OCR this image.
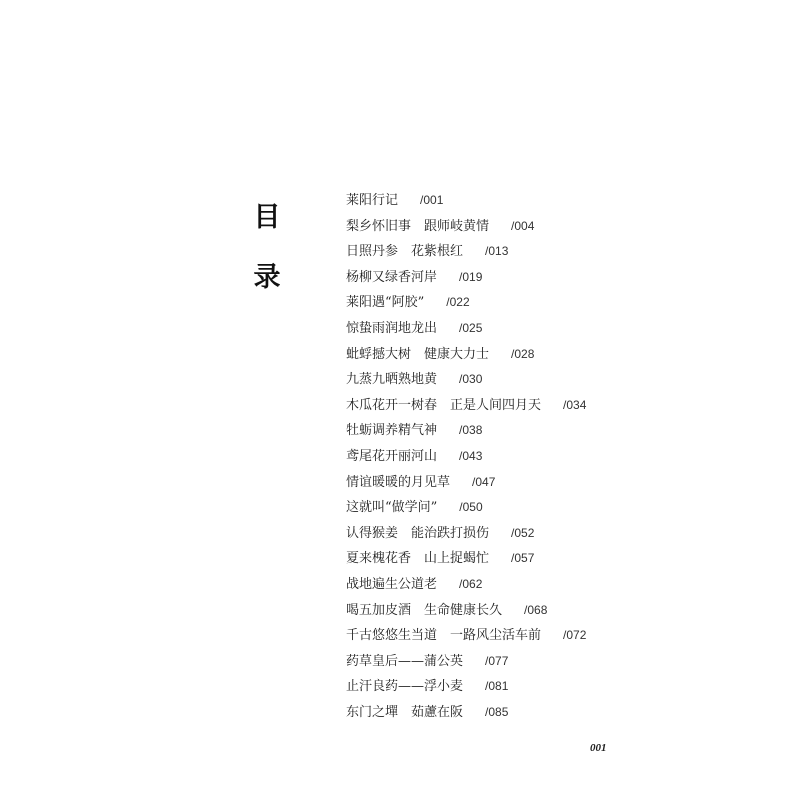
目
录
莱阳行记 /001
梨乡怀旧事　跟师岐黄情 /004
日照丹参　花紫根红 /013
杨柳又绿香河岸 /019
莱阳遇“阿胶” /022
惊蛰雨润地龙出 /025
蚍蜉撼大树　健康大力士 /028
九蒸九晒熟地黄 /030
木瓜花开一树春　正是人间四月天 /034
牡蛎调养精气神 /038
鸢尾花开丽河山 /043
情谊暖暖的月见草 /047
这就叫“做学问” /050
认得猴姜　能治跌打损伤 /052
夏来槐花香　山上捉蝎忙 /057
战地遍生公道老 /062
喝五加皮酒　生命健康长久 /068
千古悠悠生当道　一路风尘活车前 /072
药草皇后——蒲公英 /077
止汗良药——浮小麦 /081
东门之墠　茹藘在阪 /085
001
